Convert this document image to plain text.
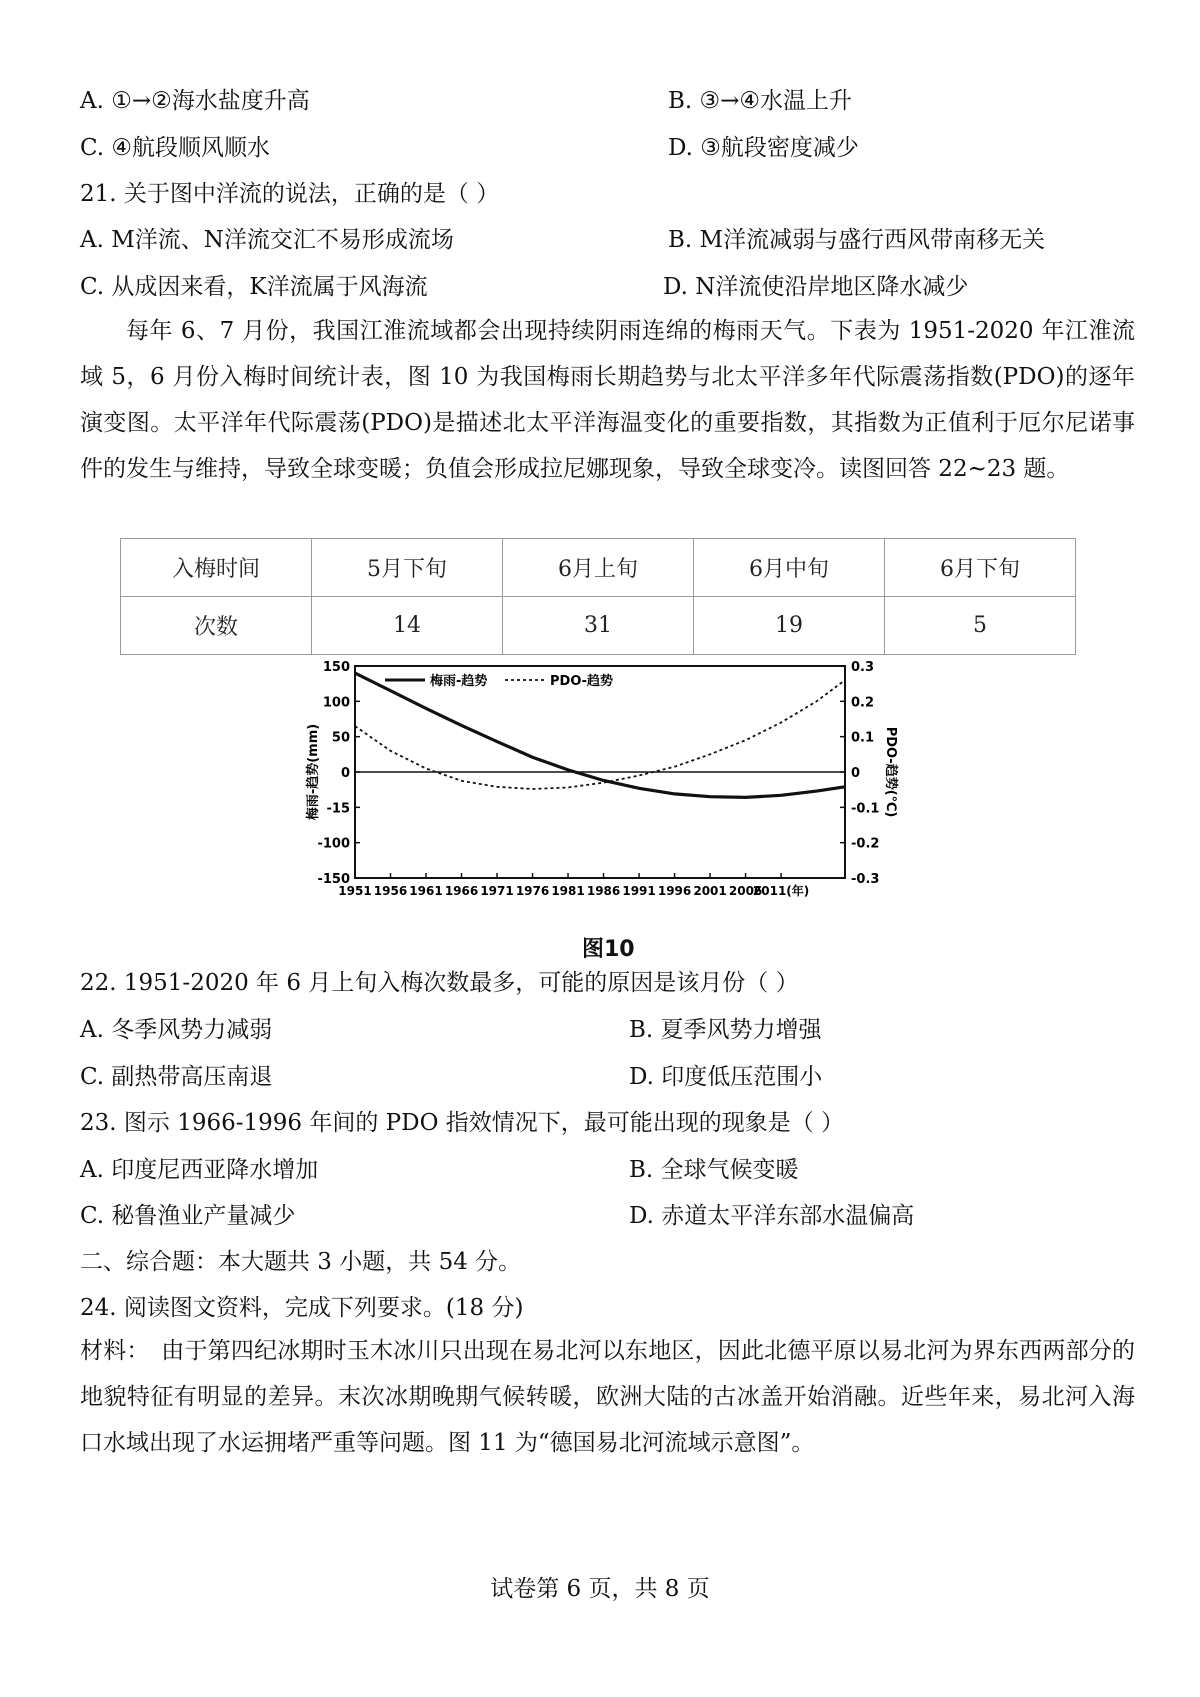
A. ①→②海水盐度升高	B. ③→④水温上升
C. ④航段顺风顺水	D. ③航段密度减少
21. 关于图中洋流的说法，正确的是（ ）
A. M洋流、N洋流交汇不易形成流场	B. M洋流减弱与盛行西风带南移无关
C. 从成因来看，K洋流属于风海流	D. N洋流使沿岸地区降水减少

每年 6、7 月份，我国江淮流域都会出现持续阴雨连绵的梅雨天气。下表为 1951-2020 年江淮流域 5，6 月份入梅时间统计表，图 10 为我国梅雨长期趋势与北太平洋多年代际震荡指数(PDO)的逐年演变图。太平洋年代际震荡(PDO)是描述北太平洋海温变化的重要指数，其指数为正值利于厄尔尼诺事件的发生与维持，导致全球变暖；负值会形成拉尼娜现象，导致全球变冷。读图回答 22~23 题。

入梅时间	5月下旬	6月上旬	6月中旬	6月下旬
次数	14	31	19	5
150
100
50
0
-15
-100
-150
0.3
0.2
0.1
0
-0.1
-0.2
-0.3
1951 1956 1961 1966 1971 1976 1981 1986 1991 1996 2001 2006
2011(年)
梅雨-趋势(mm)	PDO-趋势(℃)
梅雨-趋势	PDO-趋势
图10
22. 1951-2020 年 6 月上旬入梅次数最多，可能的原因是该月份（ ）
A. 冬季风势力减弱	B. 夏季风势力增强
C. 副热带高压南退	D. 印度低压范围小
23. 图示 1966-1996 年间的 PDO 指效情况下，最可能出现的现象是（ ）
A. 印度尼西亚降水增加	B. 全球气候变暖
C. 秘鲁渔业产量减少	D. 赤道太平洋东部水温偏高
二、综合题：本大题共 3 小题，共 54 分。
24. 阅读图文资料，完成下列要求。(18 分)

材料：　由于第四纪冰期时玉木冰川只出现在易北河以东地区，因此北德平原以易北河为界东西两部分的地貌特征有明显的差异。末次冰期晚期气候转暖，欧洲大陆的古冰盖开始消融。近些年来，易北河入海口水域出现了水运拥堵严重等问题。图 11 为“德国易北河流域示意图”。

试卷第 6 页，共 8 页
